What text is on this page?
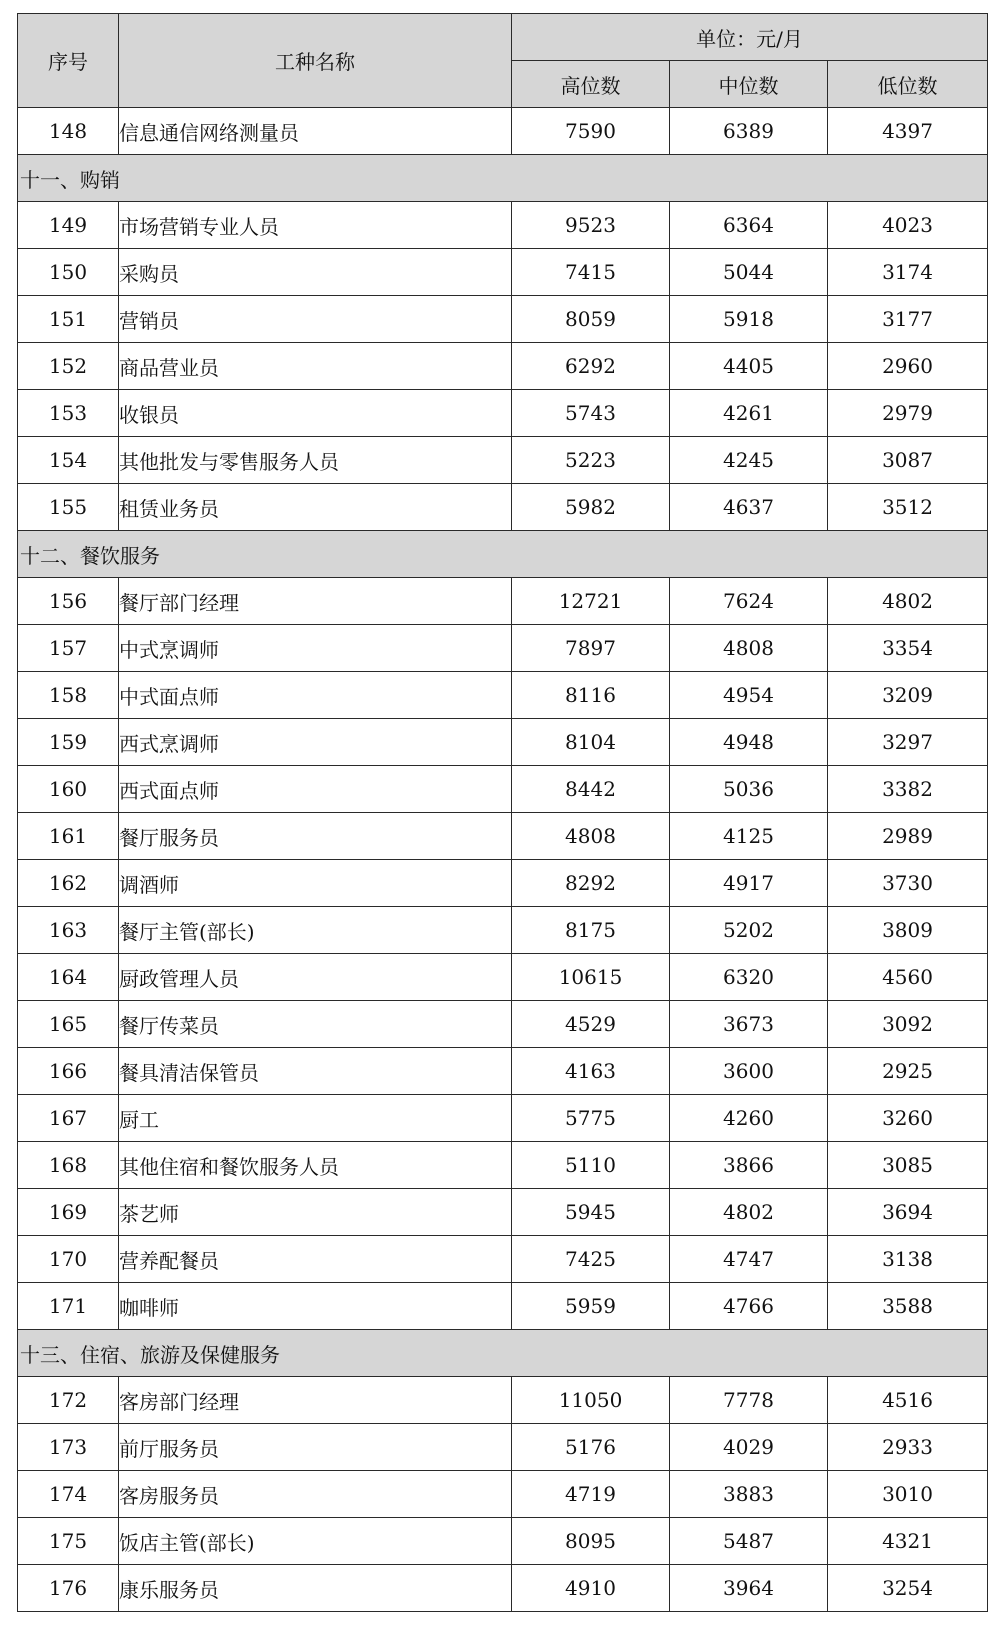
序号	工种名称	单位：元/月		
		高位数	中位数	低位数
148	信息通信网络测量员	7590	6389	4397
十一、购销				
149	市场营销专业人员	9523	6364	4023
150	采购员	7415	5044	3174
151	营销员	8059	5918	3177
152	商品营业员	6292	4405	2960
153	收银员	5743	4261	2979
154	其他批发与零售服务人员	5223	4245	3087
155	租赁业务员	5982	4637	3512
十二、餐饮服务				
156	餐厅部门经理	12721	7624	4802
157	中式烹调师	7897	4808	3354
158	中式面点师	8116	4954	3209
159	西式烹调师	8104	4948	3297
160	西式面点师	8442	5036	3382
161	餐厅服务员	4808	4125	2989
162	调酒师	8292	4917	3730
163	餐厅主管(部长)	8175	5202	3809
164	厨政管理人员	10615	6320	4560
165	餐厅传菜员	4529	3673	3092
166	餐具清洁保管员	4163	3600	2925
167	厨工	5775	4260	3260
168	其他住宿和餐饮服务人员	5110	3866	3085
169	茶艺师	5945	4802	3694
170	营养配餐员	7425	4747	3138
171	咖啡师	5959	4766	3588
十三、住宿、旅游及保健服务				
172	客房部门经理	11050	7778	4516
173	前厅服务员	5176	4029	2933
174	客房服务员	4719	3883	3010
175	饭店主管(部长)	8095	5487	4321
176	康乐服务员	4910	3964	3254
